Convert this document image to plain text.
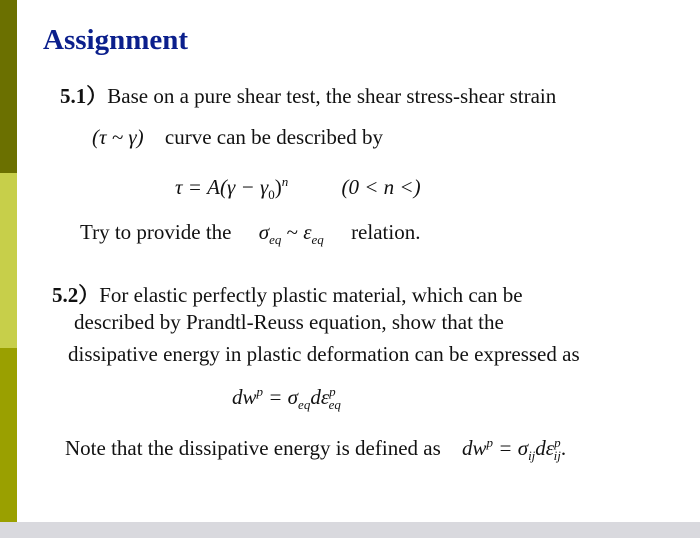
Assignment
5.1）Base on a pure shear test, the shear stress-shear strain
(τ ~ γ) curve can be described by
$\tau = A(\gamma - \gamma_0)^n$	(0 < n <)
Try to provide the $\sigma_{eq}$ ~ $\varepsilon_{eq}$ relation.
5.2）For elastic perfectly plastic material, which can be
described by Prandtl-Reuss equation, show that the
dissipative energy in plastic deformation can be expressed as
$dw^p = \sigma_{eq}d\varepsilon^p_{eq}$
Note that the dissipative energy is defined as $dw^p = \sigma_{ij}d\varepsilon^p_{ij}$.
